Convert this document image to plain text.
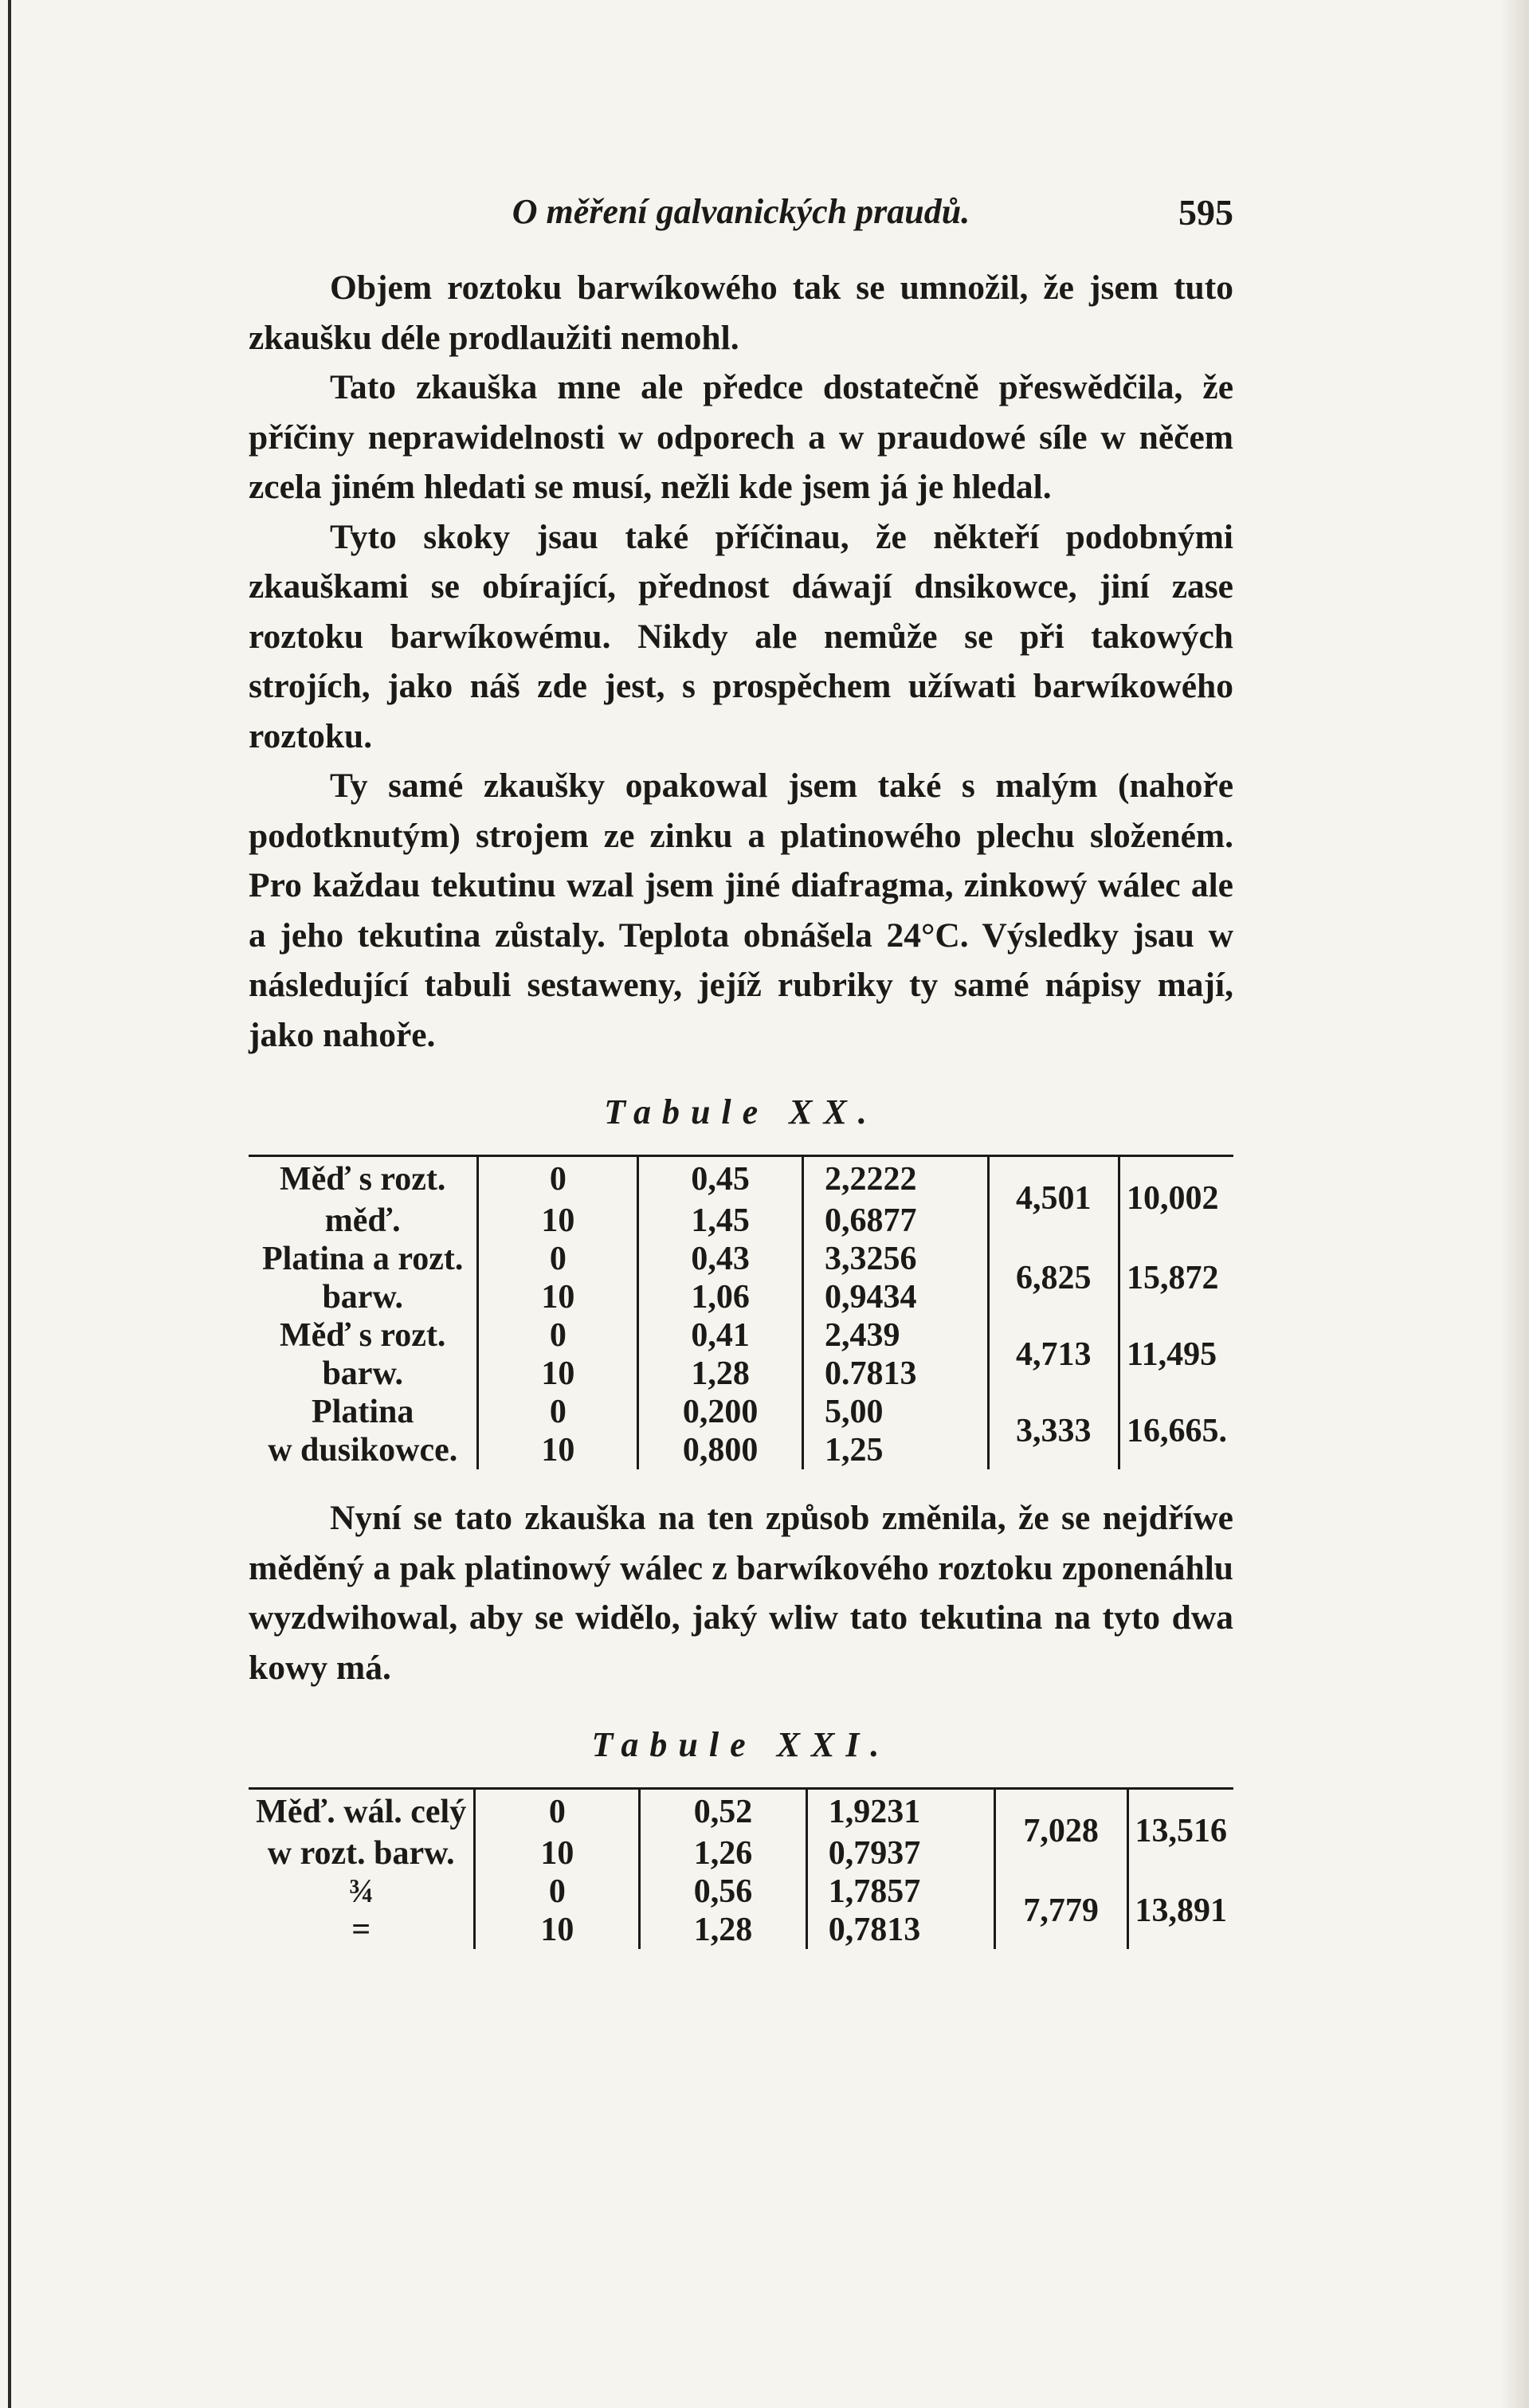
O měření galvanických praudů.	595

Objem roztoku barwíkowého tak se umnožil, že jsem tuto zkaušku déle prodlaužiti nemohl.

Tato zkauška mne ale předce dostatečně přeswědčila, že příčiny neprawidelnosti w odporech a w praudowé síle w něčem zcela jiném hledati se musí, nežli kde jsem já je hledal.

Tyto skoky jsau také příčinau, že někteří podobnými zkauškami se obírající, přednost dáwají dnsikowce, jiní zase roztoku barwíkowému. Nikdy ale nemůže se při takowých strojích, jako náš zde jest, s prospěchem užíwati barwíkowého roztoku.

Ty samé zkaušky opakowal jsem také s malým (nahoře podotknutým) strojem ze zinku a platinowého plechu složeném. Pro každau tekutinu wzal jsem jiné diafragma, zinkowý wálec ale a jeho tekutina zůstaly. Teplota obnášela 24°C. Výsledky jsau w následující tabuli sestaweny, jejíž rubriky ty samé nápisy mají, jako nahoře.

Tabule XX.
Měď s rozt.	0	0,45	2,2222	4,501	10,002
měď.	10	1,45	0,6877		
Platina a rozt.	0	0,43	3,3256	6,825	15,872
barw.	10	1,06	0,9434		
Měď s rozt.	0	0,41	2,439	4,713	11,495
barw.	10	1,28	0.7813		
Platina	0	0,200	5,00	3,333	16,665.
w dusikowce.	10	0,800	1,25		

Nyní se tato zkauška na ten způsob změnila, že se nejdříwe měděný a pak platinowý wálec z barwíkového roztoku zponenáhlu wyzdwihowal, aby se widělo, jaký wliw tato tekutina na tyto dwa kowy má.

Tabule XXI.
Měď. wál. celý	0	0,52	1,9231	7,028	13,516
w rozt. barw.	10	1,26	0,7937		
¾	0	0,56	1,7857	7,779	13,891
=	10	1,28	0,7813		
